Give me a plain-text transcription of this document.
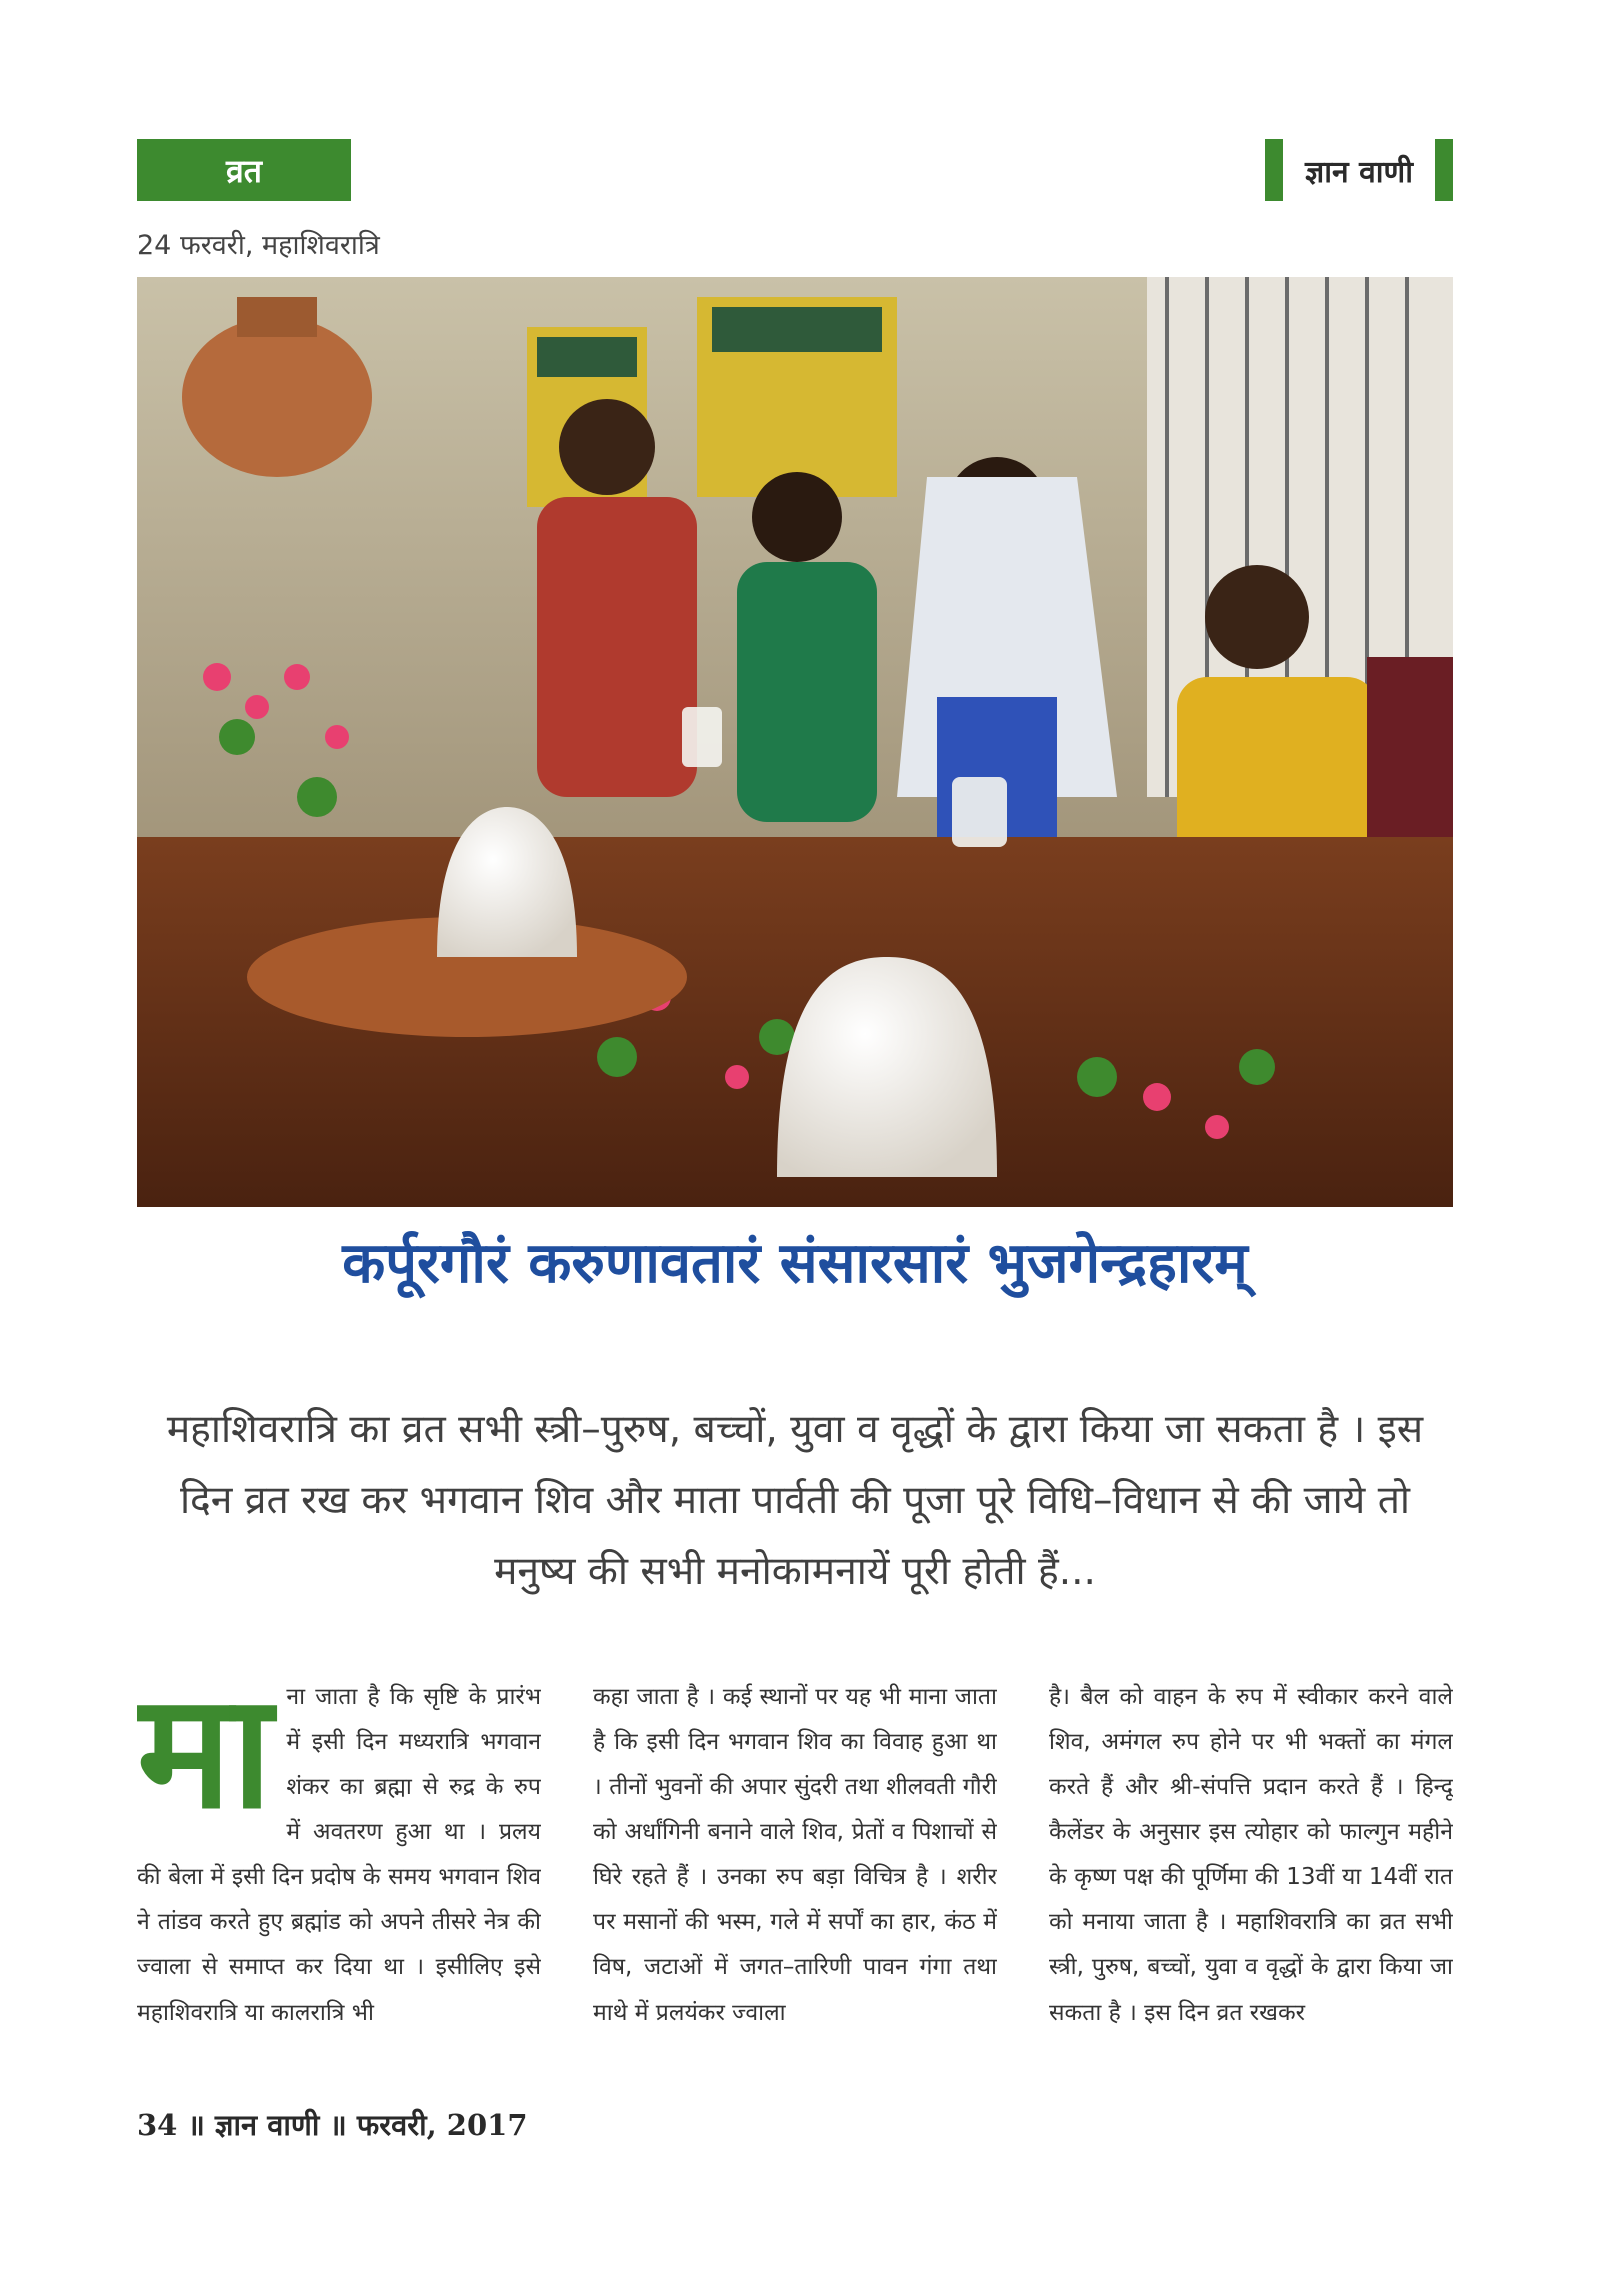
व्रत	ज्ञान वाणी
24 फरवरी, महाशिवरात्रि
कर्पूरगौरं करुणावतारं संसारसारं भुजगेन्द्रहारम्
महाशिवरात्रि का व्रत सभी स्त्री–पुरुष, बच्चों, युवा व वृद्धों के द्वारा किया जा सकता है । इस दिन व्रत रख कर भगवान शिव और माता पार्वती की पूजा पूरे विधि–विधान से की जाये तो मनुष्य की सभी मनोकामनायें पूरी होती हैं...
मा ना जाता है कि सृष्टि के प्रारंभ में इसी दिन मध्यरात्रि भगवान शंकर का ब्रह्मा से रुद्र के रुप में अवतरण हुआ था । प्रलय की बेला में इसी दिन प्रदोष के समय भगवान शिव ने तांडव करते हुए ब्रह्मांड को अपने तीसरे नेत्र की ज्वाला से समाप्त कर दिया था । इसीलिए इसे महाशिवरात्रि या कालरात्रि भी
कहा जाता है । कई स्थानों पर यह भी माना जाता है कि इसी दिन भगवान शिव का विवाह हुआ था । तीनों भुवनों की अपार सुंदरी तथा शीलवती गौरी को अर्धांगिनी बनाने वाले शिव, प्रेतों व पिशाचों से घिरे रहते हैं । उनका रुप बड़ा विचित्र है । शरीर पर मसानों की भस्म, गले में सर्पों का हार, कंठ में विष, जटाओं में जगत–तारिणी पावन गंगा तथा माथे में प्रलयंकर ज्वाला
है। बैल को वाहन के रुप में स्वीकार करने वाले शिव, अमंगल रुप होने पर भी भक्तों का मंगल करते हैं और श्री-संपत्ति प्रदान करते हैं । हिन्दू कैलेंडर के अनुसार इस त्योहार को फाल्गुन महीने के कृष्ण पक्ष की पूर्णिमा की 13वीं या 14वीं रात को मनाया जाता है । महाशिवरात्रि का व्रत सभी स्त्री, पुरुष, बच्चों, युवा व वृद्धों के द्वारा किया जा सकता है । इस दिन व्रत रखकर
34 ॥ ज्ञान वाणी ॥ फरवरी, 2017
